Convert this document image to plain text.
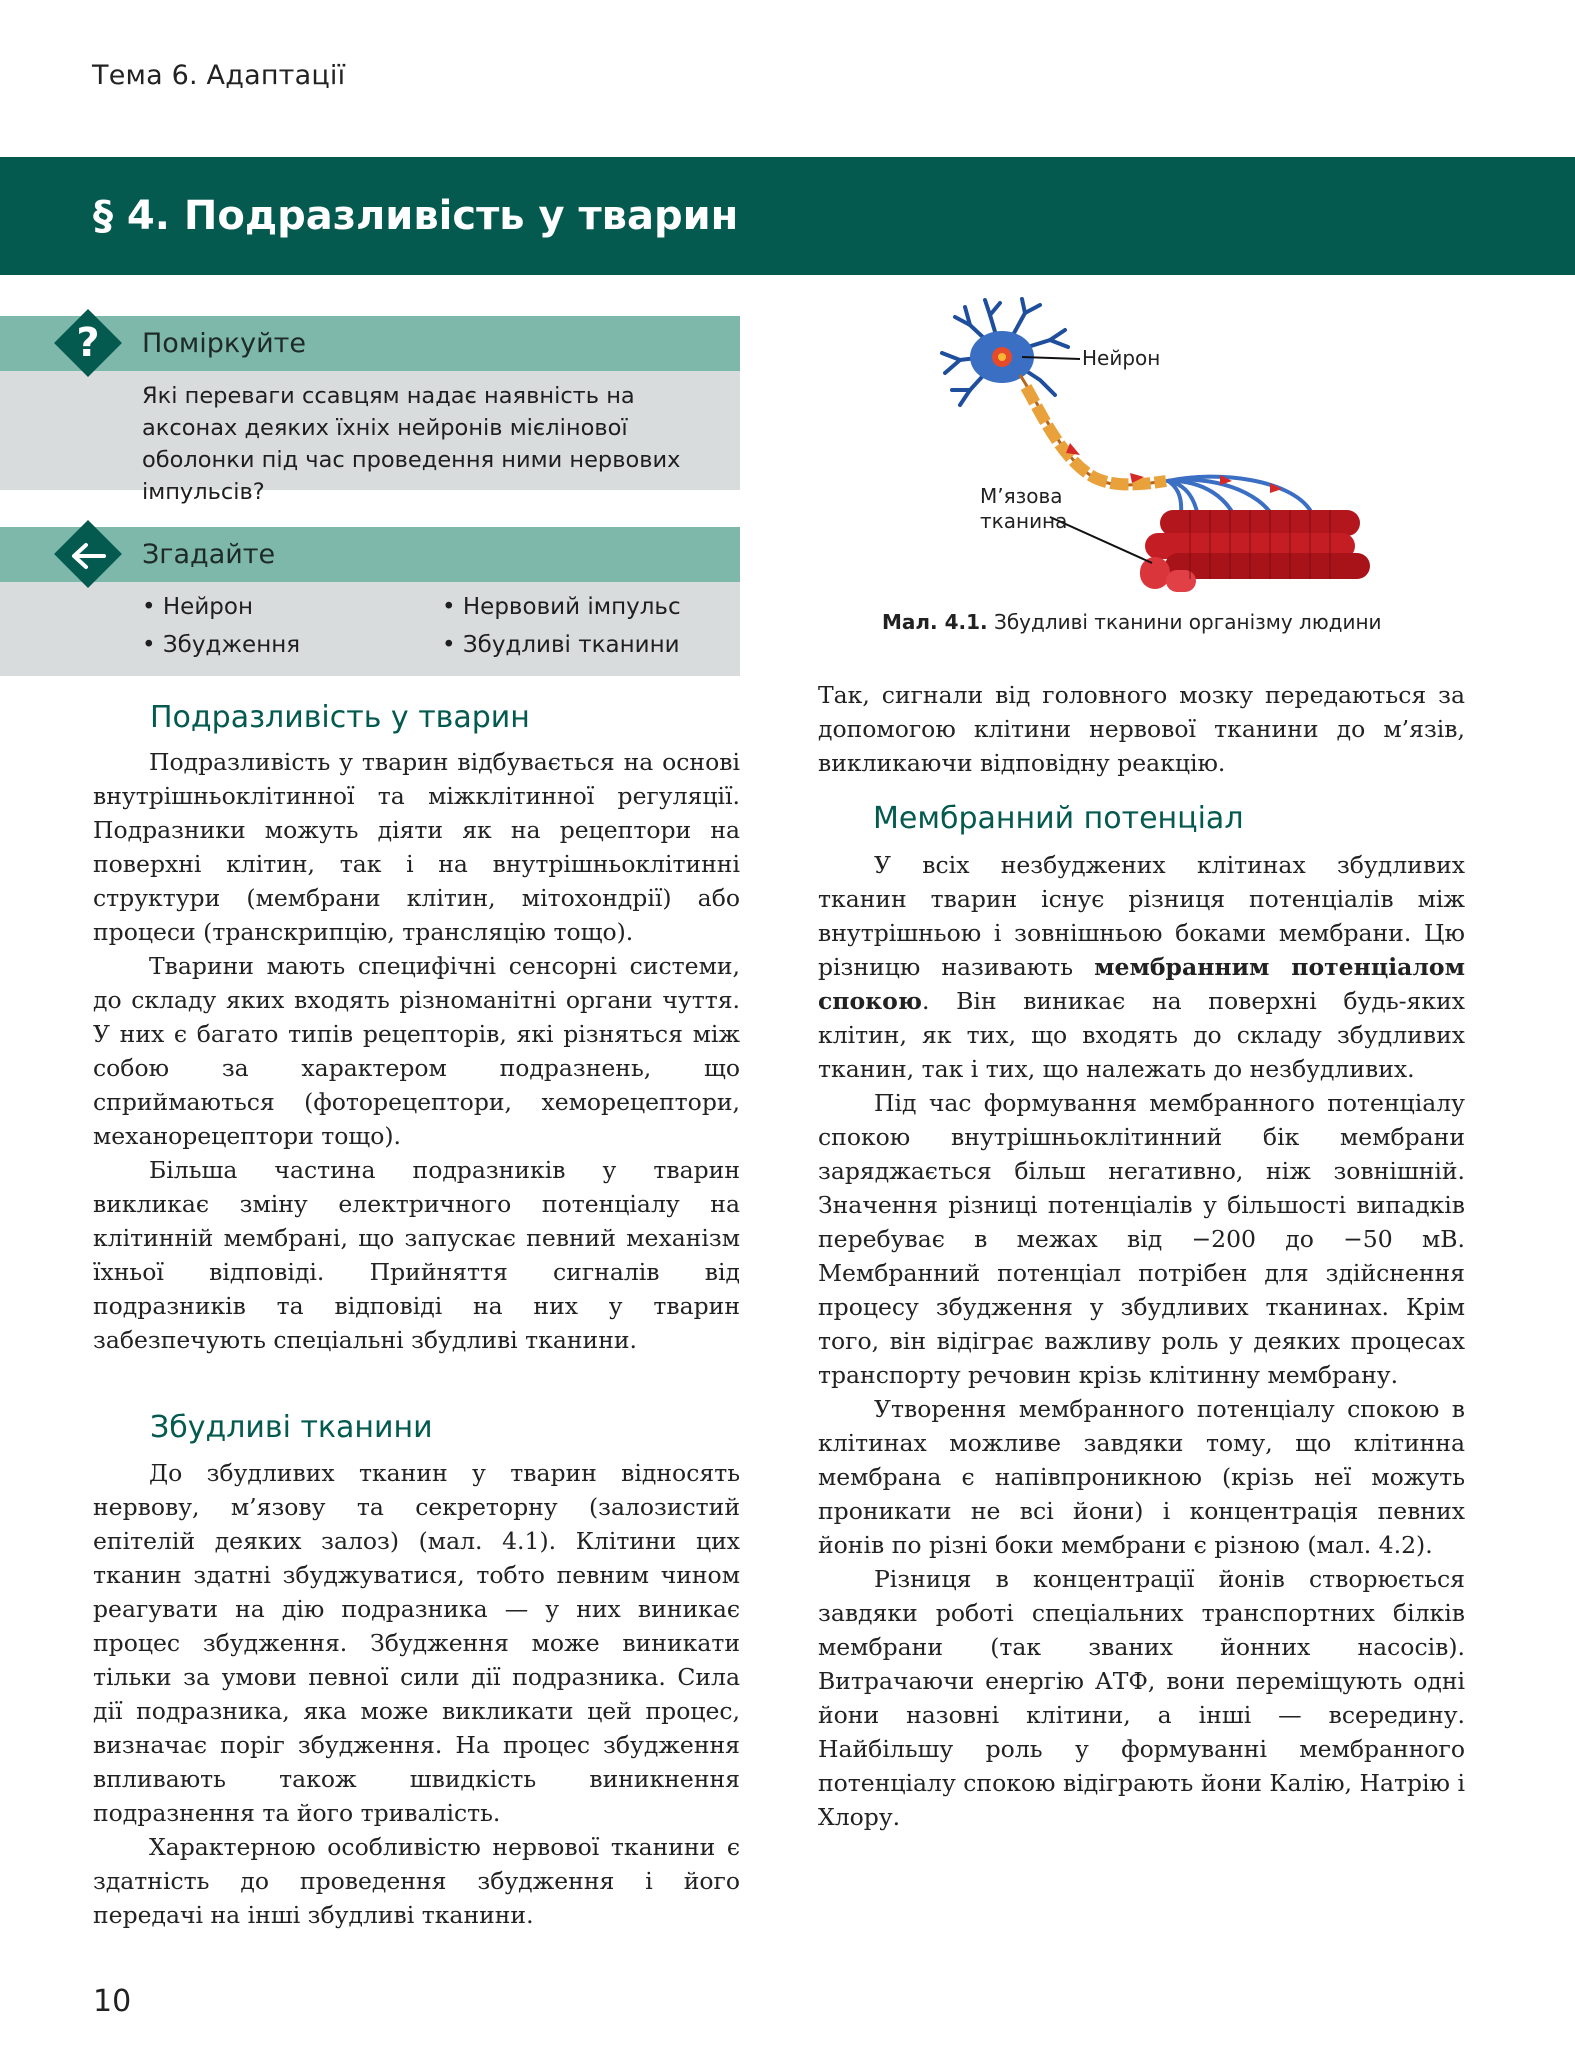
Тема 6. Адаптації
§ 4. Подразливість у тварин
?	Поміркуйте

Які переваги ссавцям надає наявність на аксонах деяких їхніх нейронів мієлінової оболонки під час проведення ними нервових імпульсів?

Згадайте
• Нейрон
• Збудження
• Нервовий імпульс
• Збудливі тканини
Нейрон
М’язова
тканина
Мал. 4.1. Збудливі тканини організму людини
Подразливість у тварин

Подразливість у тварин відбувається на основі внутрішньоклітинної та міжклітинної регуляції. Подразники можуть діяти як на рецептори на поверхні клітин, так і на внутрішньоклітинні структури (мембрани клітин, мітохондрії) або процеси (транскрипцію, трансляцію тощо).

Тварини мають специфічні сенсорні системи, до складу яких входять різноманітні органи чуття. У них є багато типів рецепторів, які різняться між собою за характером подразнень, що сприймаються (фоторецептори, хеморецептори, механорецептори тощо).

Більша частина подразників у тварин викликає зміну електричного потенціалу на клітинній мембрані, що запускає певний механізм їхньої відповіді. Прийняття сигналів від подразників та відповіді на них у тварин забезпечують спеціальні збудливі тканини.

Збудливі тканини

До збудливих тканин у тварин відносять нервову, м’язову та секреторну (залозистий епітелій деяких залоз) (мал. 4.1). Клітини цих тканин здатні збуджуватися, тобто певним чином реагувати на дію подразника — у них виникає процес збудження. Збудження може виникати тільки за умови певної сили дії подразника. Сила дії подразника, яка може викликати цей процес, визначає поріг збудження. На процес збудження впливають також швидкість виникнення подразнення та його тривалість.

Характерною особливістю нервової тканини є здатність до проведення збудження і його передачі на інші збудливі тканини.

Так, сигнали від головного мозку передаються за допомогою клітини нервової тканини до м’язів, викликаючи відповідну реакцію.

Мембранний потенціал

У всіх незбуджених клітинах збудливих тканин тварин існує різниця потенціалів між внутрішньою і зовнішньою боками мембрани. Цю різницю називають мембранним потенціалом спокою. Він виникає на поверхні будь-яких клітин, як тих, що входять до складу збудливих тканин, так і тих, що належать до незбудливих.

Під час формування мембранного потенціалу спокою внутрішньоклітинний бік мембрани заряджається більш негативно, ніж зовнішній. Значення різниці потенціалів у більшості випадків перебуває в межах від −200 до −50 мВ. Мембранний потенціал потрібен для здійснення процесу збудження у збудливих тканинах. Крім того, він відіграє важливу роль у деяких процесах транспорту речовин крізь клітинну мембрану.

Утворення мембранного потенціалу спокою в клітинах можливе завдяки тому, що клітинна мембрана є напівпроникною (крізь неї можуть проникати не всі йони) і концентрація певних йонів по різні боки мембрани є різною (мал. 4.2).

Різниця в концентрації йонів створюється завдяки роботі спеціальних транспортних білків мембрани (так званих йонних насосів). Витрачаючи енергію АТФ, вони переміщують одні йони назовні клітини, а інші — всередину. Найбільшу роль у формуванні мембранного потенціалу спокою відіграють йони Калію, Натрію і Хлору.

10
